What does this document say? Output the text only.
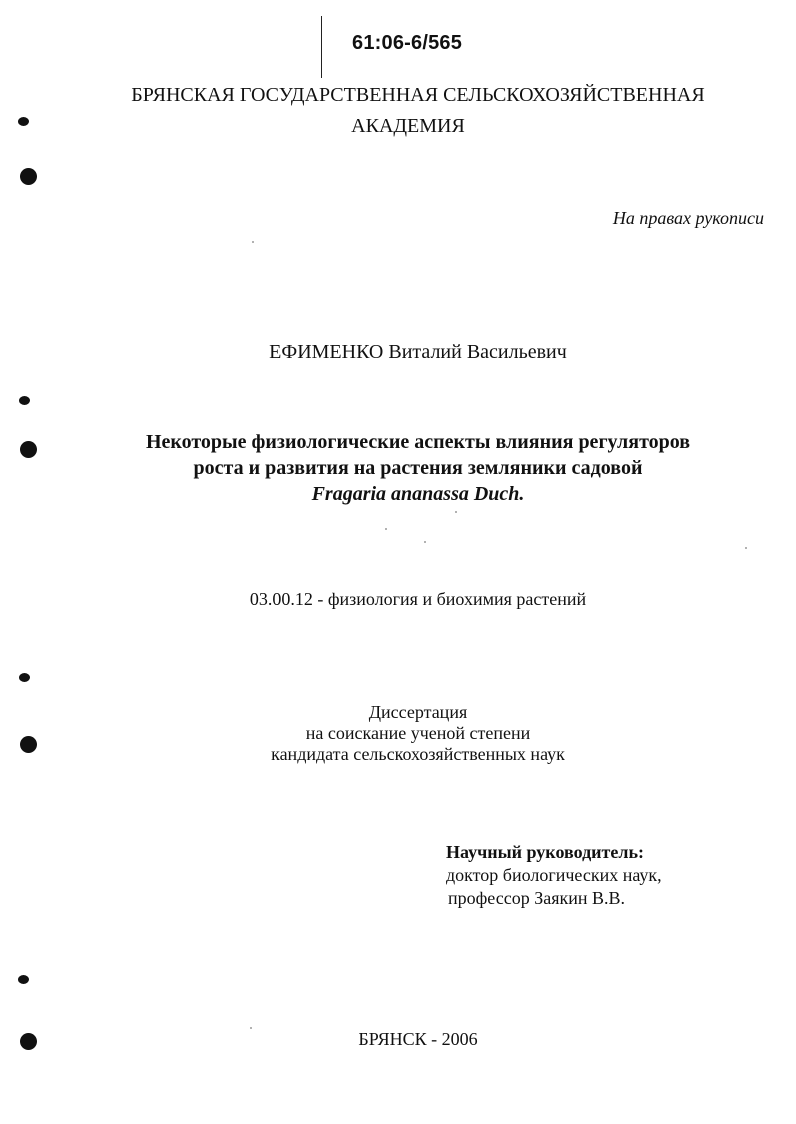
61:06-6/565
БРЯНСКАЯ ГОСУДАРСТВЕННАЯ СЕЛЬСКОХОЗЯЙСТВЕННАЯ
АКАДЕМИЯ
На правах рукописи
ЕФИМЕНКО Виталий Васильевич
Некоторые физиологические аспекты влияния регуляторов
роста и развития на растения земляники садовой
Fragaria ananassa Duch.
03.00.12 - физиология и биохимия растений
Диссертация
на соискание ученой степени
кандидата сельскохозяйственных наук
Научный руководитель:
доктор биологических наук,
профессор Заякин В.В.
БРЯНСК - 2006
